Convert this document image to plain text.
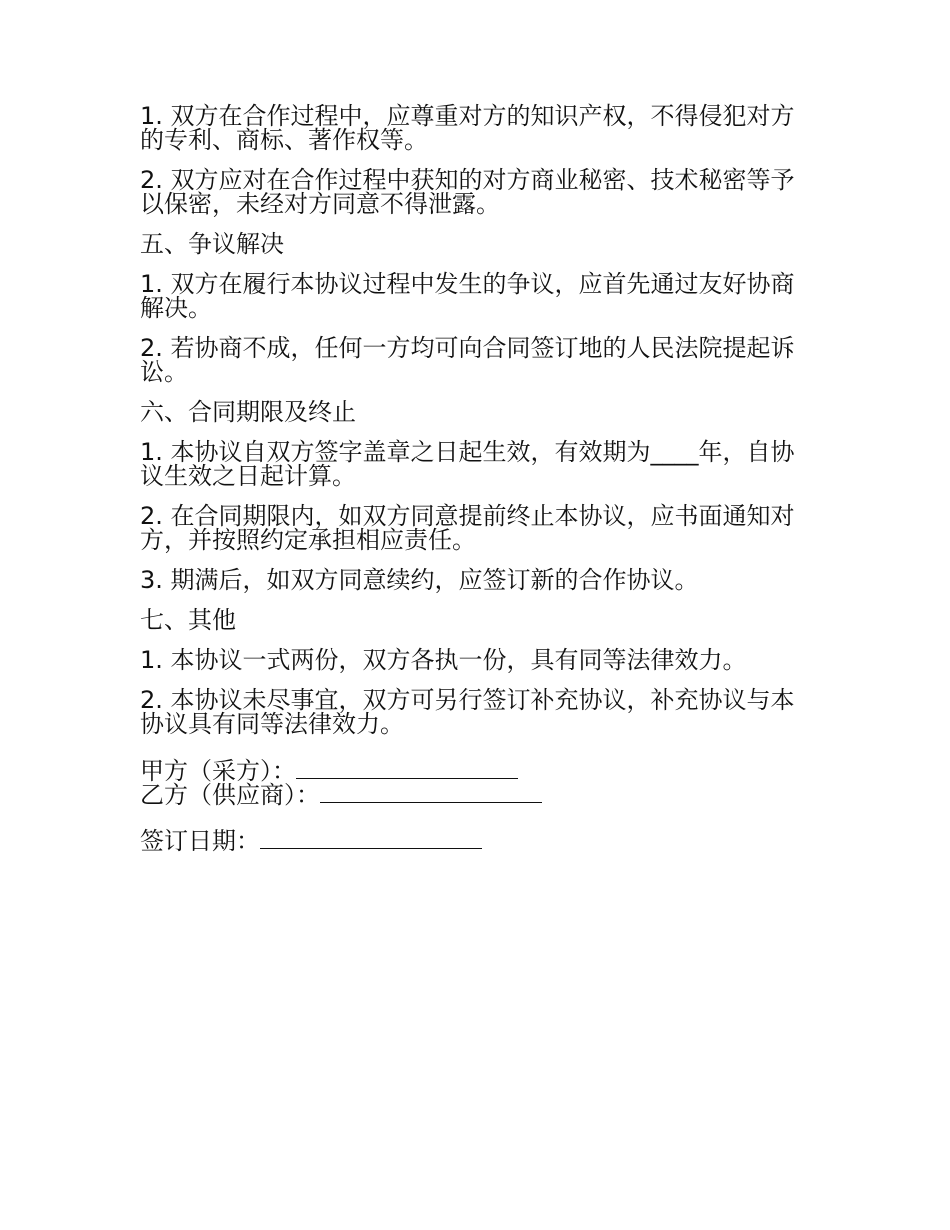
1. 双方在合作过程中，应尊重对方的知识产权，不得侵犯对方的专利、商标、著作权等。

2. 双方应对在合作过程中获知的对方商业秘密、技术秘密等予以保密，未经对方同意不得泄露。

五、争议解决

1. 双方在履行本协议过程中发生的争议，应首先通过友好协商解决。

2. 若协商不成，任何一方均可向合同签订地的人民法院提起诉讼。

六、合同期限及终止

1. 本协议自双方签字盖章之日起生效，有效期为____年，自协议生效之日起计算。

2. 在合同期限内，如双方同意提前终止本协议，应书面通知对方，并按照约定承担相应责任。

3. 期满后，如双方同意续约，应签订新的合作协议。

七、其他

1. 本协议一式两份，双方各执一份，具有同等法律效力。

2. 本协议未尽事宜，双方可另行签订补充协议，补充协议与本协议具有同等法律效力。

甲方（采方）：

乙方（供应商）：

签订日期：
